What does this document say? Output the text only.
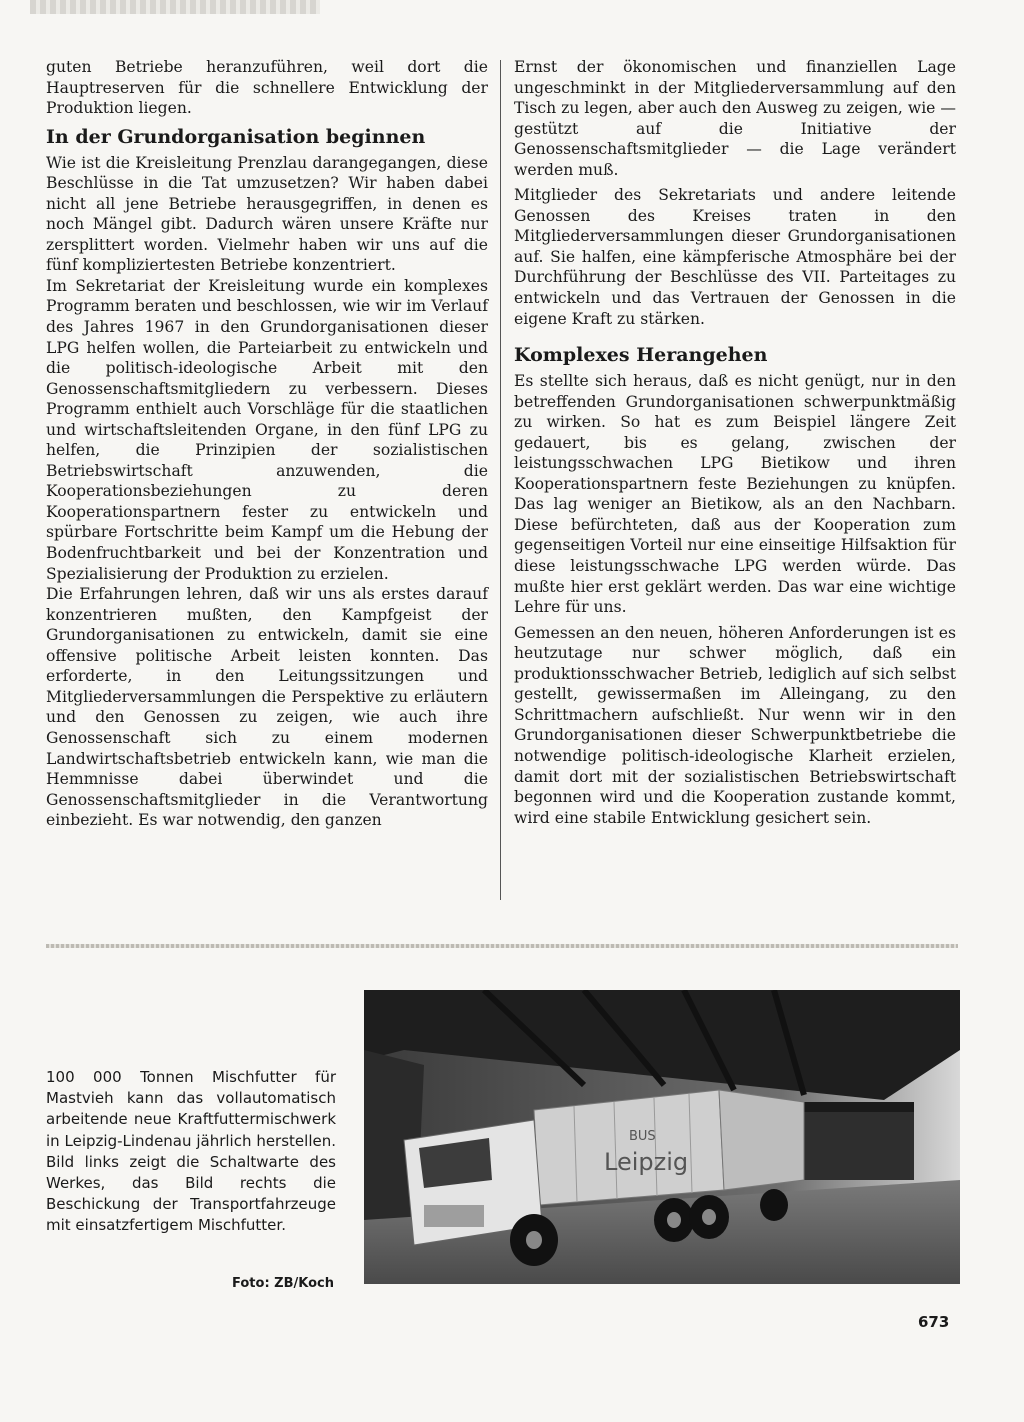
guten Betriebe heranzuführen, weil dort die Hauptreserven für die schnellere Entwicklung der Produktion liegen.

In der Grundorganisation beginnen

Wie ist die Kreisleitung Prenzlau darangegangen, diese Beschlüsse in die Tat umzusetzen? Wir haben dabei nicht all jene Betriebe herausgegriffen, in denen es noch Mängel gibt. Dadurch wären unsere Kräfte nur zersplittert worden. Vielmehr haben wir uns auf die fünf kompliziertesten Betriebe konzentriert.

Im Sekretariat der Kreisleitung wurde ein komplexes Programm beraten und beschlossen, wie wir im Verlauf des Jahres 1967 in den Grundorganisationen dieser LPG helfen wollen, die Parteiarbeit zu entwickeln und die politisch-ideologische Arbeit mit den Genossenschaftsmitgliedern zu verbessern. Dieses Programm enthielt auch Vorschläge für die staatlichen und wirtschaftsleitenden Organe, in den fünf LPG zu helfen, die Prinzipien der sozialistischen Betriebswirtschaft anzuwenden, die Kooperationsbeziehungen zu deren Kooperationspartnern fester zu entwickeln und spürbare Fortschritte beim Kampf um die Hebung der Bodenfruchtbarkeit und bei der Konzentration und Spezialisierung der Produktion zu erzielen.

Die Erfahrungen lehren, daß wir uns als erstes darauf konzentrieren mußten, den Kampfgeist der Grundorganisationen zu entwickeln, damit sie eine offensive politische Arbeit leisten konnten. Das erforderte, in den Leitungssitzungen und Mitgliederversammlungen die Perspektive zu erläutern und den Genossen zu zeigen, wie auch ihre Genossenschaft sich zu einem modernen Landwirtschaftsbetrieb entwickeln kann, wie man die Hemmnisse dabei überwindet und die Genossenschaftsmitglieder in die Verantwortung einbezieht. Es war notwendig, den ganzen

Ernst der ökonomischen und finanziellen Lage ungeschminkt in der Mitgliederversammlung auf den Tisch zu legen, aber auch den Ausweg zu zeigen, wie — gestützt auf die Initiative der Genossenschaftsmitglieder — die Lage verändert werden muß.

Mitglieder des Sekretariats und andere leitende Genossen des Kreises traten in den Mitgliederversammlungen dieser Grundorganisationen auf. Sie halfen, eine kämpferische Atmosphäre bei der Durchführung der Beschlüsse des VII. Parteitages zu entwickeln und das Vertrauen der Genossen in die eigene Kraft zu stärken.

Komplexes Herangehen

Es stellte sich heraus, daß es nicht genügt, nur in den betreffenden Grundorganisationen schwerpunktmäßig zu wirken. So hat es zum Beispiel längere Zeit gedauert, bis es gelang, zwischen der leistungsschwachen LPG Bietikow und ihren Kooperationspartnern feste Beziehungen zu knüpfen. Das lag weniger an Bietikow, als an den Nachbarn. Diese befürchteten, daß aus der Kooperation zum gegenseitigen Vorteil nur eine einseitige Hilfsaktion für diese leistungsschwache LPG werden würde. Das mußte hier erst geklärt werden. Das war eine wichtige Lehre für uns.

Gemessen an den neuen, höheren Anforderungen ist es heutzutage nur schwer möglich, daß ein produktionsschwacher Betrieb, lediglich auf sich selbst gestellt, gewissermaßen im Alleingang, zu den Schrittmachern aufschließt. Nur wenn wir in den Grundorganisationen dieser Schwerpunktbetriebe die notwendige politisch-ideologische Klarheit erzielen, damit dort mit der sozialistischen Betriebswirtschaft begonnen wird und die Kooperation zustande kommt, wird eine stabile Entwicklung gesichert sein.

100 000 Tonnen Mischfutter für Mastvieh kann das vollautomatisch arbeitende neue Kraftfuttermischwerk in Leipzig-Lindenau jährlich herstellen. Bild links zeigt die Schaltwarte des Werkes, das Bild rechts die Beschickung der Transportfahrzeuge mit einsatzfertigem Mischfutter.
Foto: ZB/Koch
BUS
Leipzig
673
